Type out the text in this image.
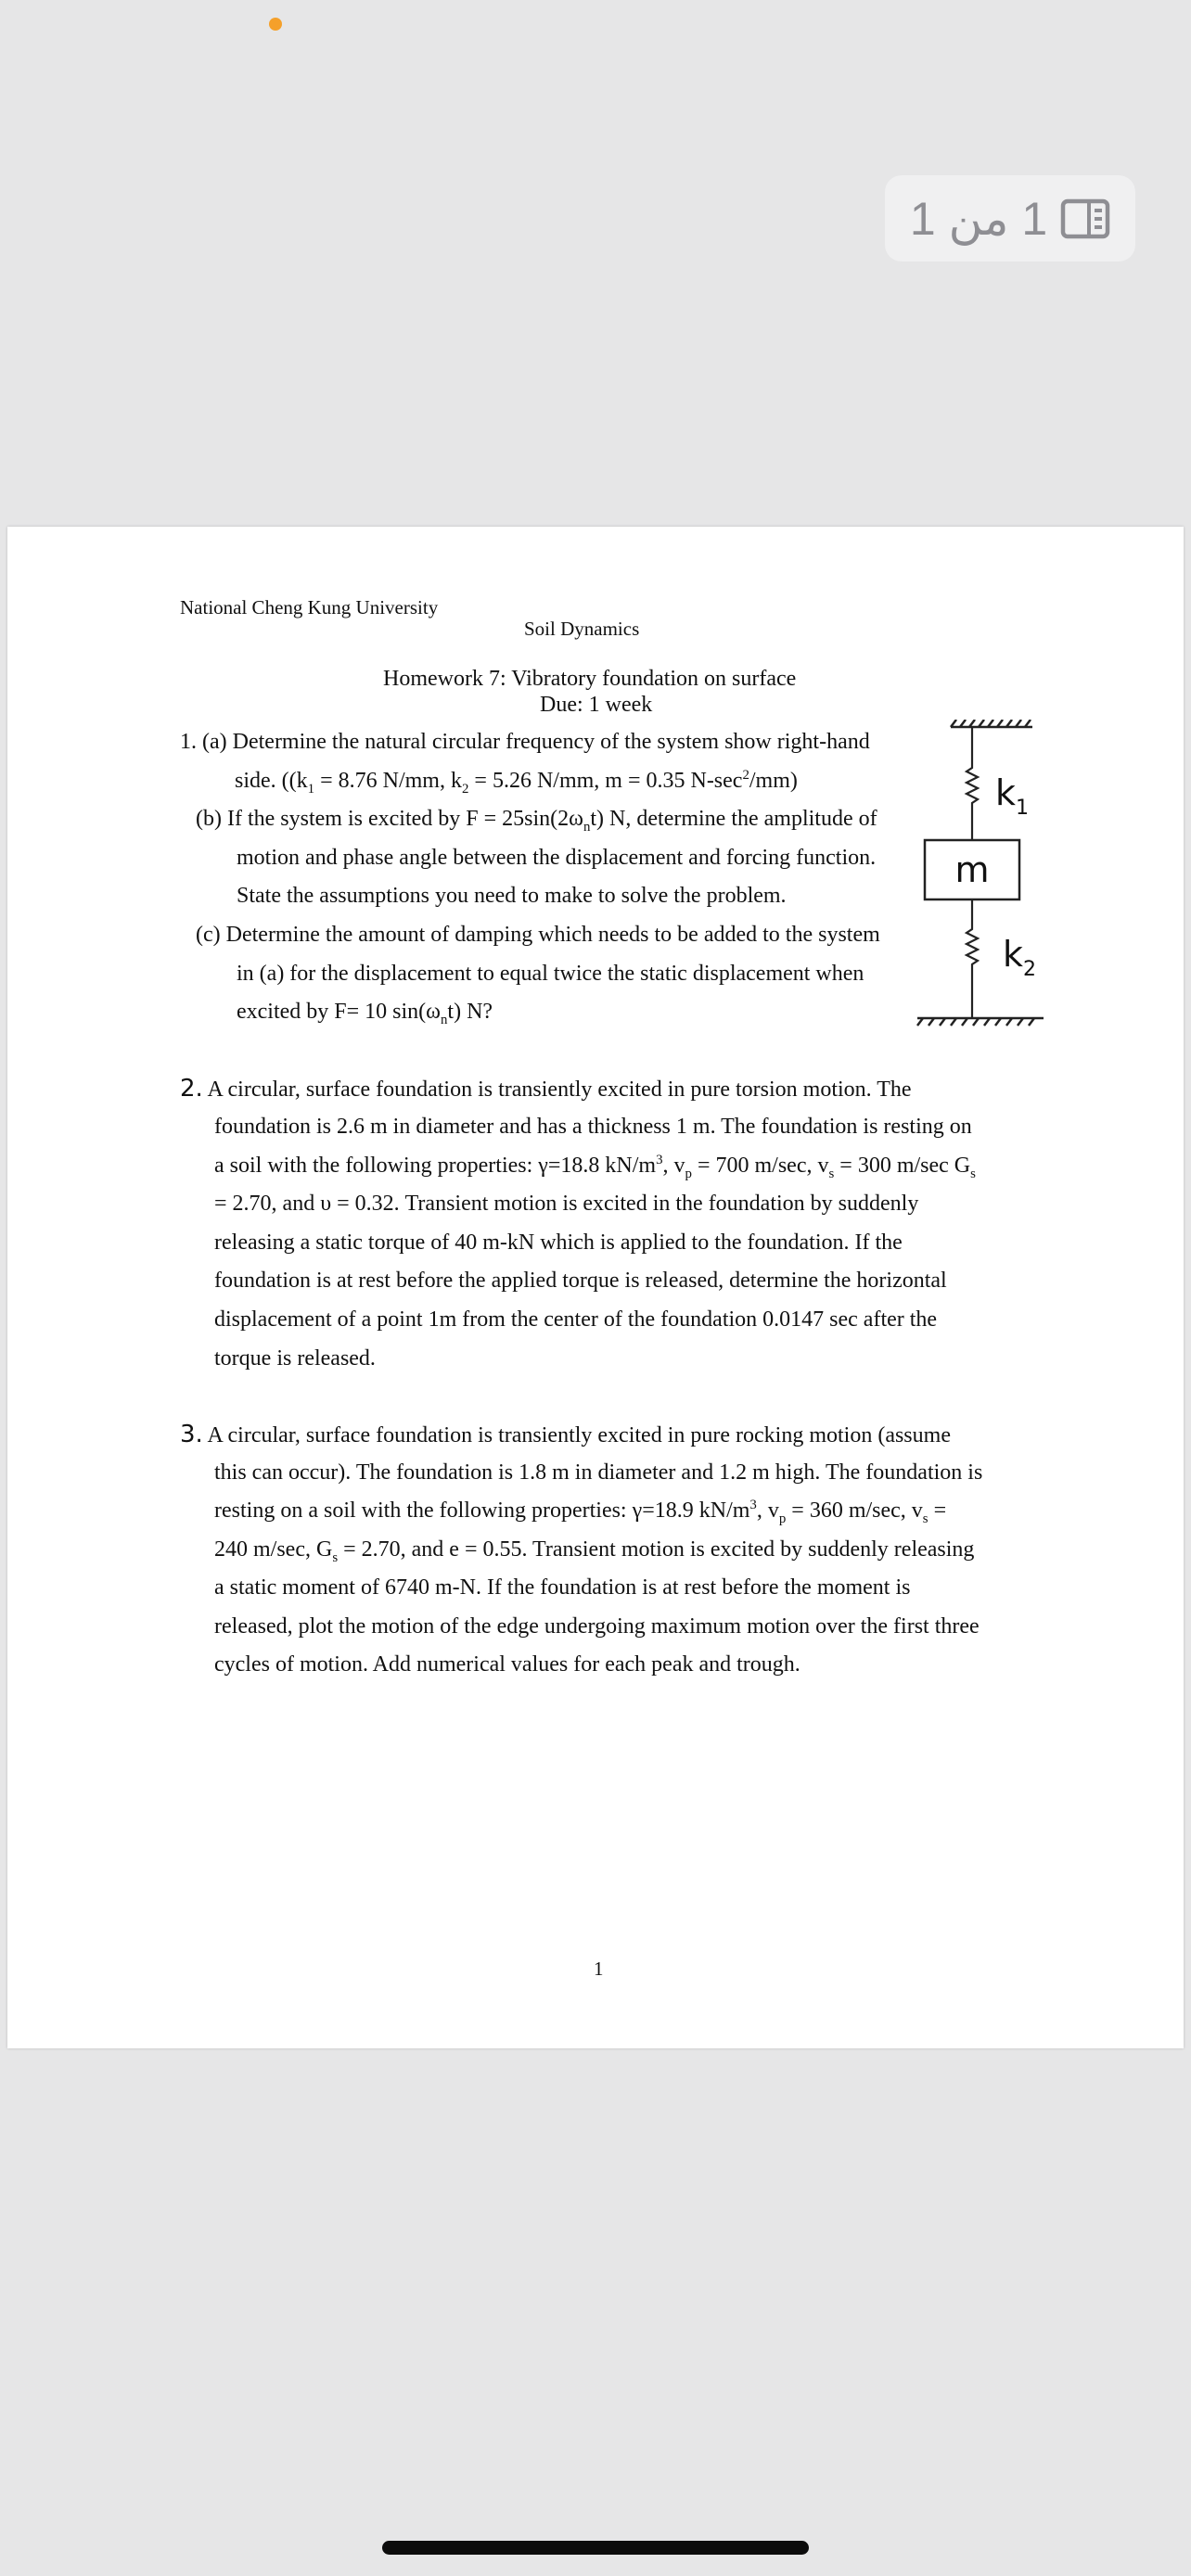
1 من 1
National Cheng Kung University
Soil Dynamics
Homework 7: Vibratory foundation on surface
Due: 1 week
1. (a) Determine the natural circular frequency of the system show right-hand
side. (($k_1 = 8.76$ N/mm, $k_2 = 5.26$ N/mm, m = 0.35 $N-\sec^2/mm$)
(b) If the system is excited by $F = 25\sin(2\omega_nt)$ N, determine the amplitude of
motion and phase angle between the displacement and forcing function.
State the assumptions you need to make to solve the problem.
(c) Determine the amount of damping which needs to be added to the system
in (a) for the displacement to equal twice the static displacement when
excited by F= 10 $\sin(\omega_nt)$ N?
2. A circular, surface foundation is transiently excited in pure torsion motion. The
foundation is 2.6 m in diameter and has a thickness 1 m. The foundation is resting on
a soil with the following properties: γ=18.8 $kN/m^3$, $v_p = 700$ m/sec, $v_s = 300$ m/sec $G_s$
= 2.70, and υ = 0.32. Transient motion is excited in the foundation by suddenly
releasing a static torque of 40 m-kN which is applied to the foundation. If the
foundation is at rest before the applied torque is released, determine the horizontal
displacement of a point 1m from the center of the foundation 0.0147 sec after the
torque is released.
3. A circular, surface foundation is transiently excited in pure rocking motion (assume
this can occur). The foundation is 1.8 m in diameter and 1.2 m high. The foundation is
resting on a soil with the following properties: γ=18.9 $kN/m^3$, $v_p = 360$ m/sec, $v_s$ =
240 m/sec, $G_s = 2.70$, and e = 0.55. Transient motion is excited by suddenly releasing
a static moment of 6740 m-N. If the foundation is at rest before the moment is
released, plot the motion of the edge undergoing maximum motion over the first three
cycles of motion. Add numerical values for each peak and trough.
1
$k_1$
m
$k_2$
